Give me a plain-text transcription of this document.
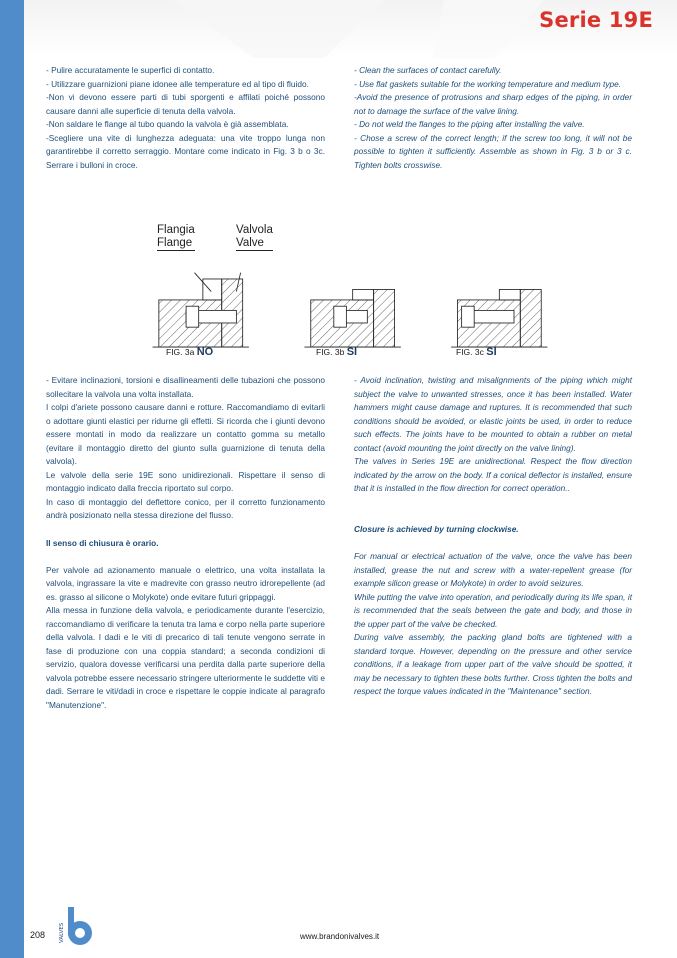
Serie 19E

- Pulire accuratamente le superfici di contatto.

- Utilizzare guarnizioni piane idonee alle temperature ed al tipo di fluido.

-Non vi devono essere parti di tubi sporgenti e affilati poiché possono causare danni alle superficie di tenuta della valvola.

-Non saldare le flange al tubo quando la valvola è già assemblata.

-Scegliere una vite di lunghezza adeguata: una vite troppo lunga non garantirebbe il corretto serraggio. Montare come indicato in Fig. 3 b o 3c. Serrare i bulloni in croce.

- Clean the surfaces of contact carefully.

- Use flat gaskets suitable for the working temperature and medium type.

-Avoid the presence of protrusions and sharp edges of the piping, in order not to damage the surface of the valve lining.

- Do not weld the flanges to the piping after installing the valve.

- Chose a screw of the correct length; if the screw too long, it will not be possible to tighten it sufficiently. Assemble as shown in Fig. 3 b or 3 c. Tighten bolts crosswise.

Flangia
Flange
Valvola
Valve
FIG. 3a NO	FIG. 3b SI	FIG. 3c SI

- Evitare inclinazioni, torsioni e disallineamenti delle tubazioni che possono sollecitare la valvola una volta installata.

I colpi d'ariete possono causare danni e rotture. Raccomandiamo di evitarli o adottare giunti elastici per ridurne gli effetti. Si ricorda che i giunti devono essere montati in modo da realizzare un contatto gomma su metallo (evitare il montaggio diretto del giunto sulla guarnizione di tenuta della valvola).

Le valvole della serie 19E sono unidirezionali. Rispettare il senso di montaggio indicato dalla freccia riportato sul corpo.

In caso di montaggio del deflettore conico, per il corretto funzionamento andrà posizionato nella stessa direzione del flusso.

Il senso di chiusura è orario.

Per valvole ad azionamento manuale o elettrico, una volta installata la valvola, ingrassare la vite e madrevite con grasso neutro idrorepellente (ad es. grasso al silicone o Molykote) onde evitare futuri grippaggi.

Alla messa in funzione della valvola, e periodicamente durante l'esercizio, raccomandiamo di verificare la tenuta tra lama e corpo nella parte superiore della valvola. I dadi e le viti di precarico di tali tenute vengono serrate in fase di produzione con una coppia standard; a seconda condizioni di servizio, qualora dovesse verificarsi una perdita dalla parte superiore della valvola potrebbe essere necessario stringere ulteriormente le suddette viti e dadi. Serrare le viti/dadi in croce e rispettare le coppie indicate al paragrafo "Manutenzione".

- Avoid inclination, twisting and misalignments of the piping which might subject the valve to unwanted stresses, once it has been installed. Water hammers might cause damage and ruptures. It is recommended that such conditions should be avoided, or elastic joints be used, in order to reduce such effects. The joints have to be mounted to obtain a rubber on metal contact (avoid mounting the joint directly on the valve lining).

The valves in Series 19E are unidirectional. Respect the flow direction indicated by the arrow on the body. If a conical deflector is installed, ensure that it is installed in the flow direction for correct operation..

Closure is achieved by turning clockwise.

For manual or electrical actuation of the valve, once the valve has been installed, grease the nut and screw with a water-repellent grease (for example silicon grease or Molykote) in order to avoid seizures.

While putting the valve into operation, and periodically during its life span, it is recommended that the seals between the gate and body, and those in the upper part of the valve be checked.

During valve assembly, the packing gland bolts are tightened with a standard torque. However, depending on the pressure and other service conditions, if a leakage from upper part of the valve should be spotted, it may be necessary to tighten these bolts further. Cross tighten the bolts and respect the torque values indicated in the "Maintenance" section.

208	VALVES	www.brandonivalves.it
